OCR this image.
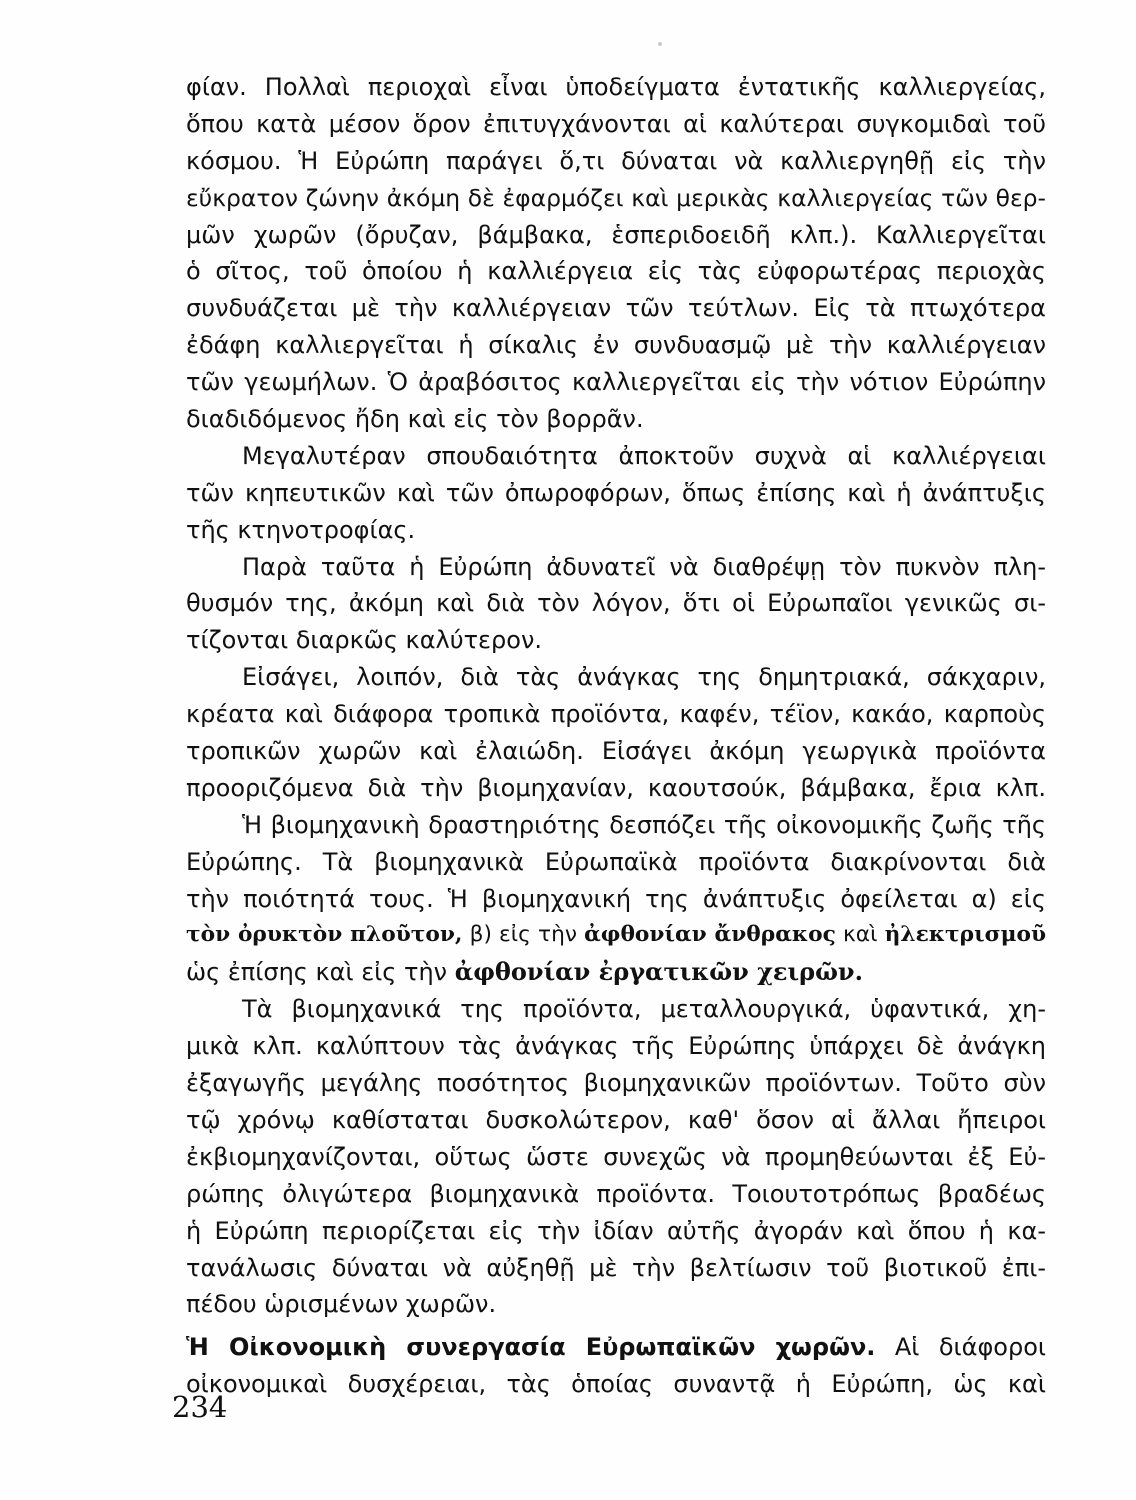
φίαν. Πολλαὶ περιοχαὶ εἶναι ὑποδείγματα ἐντατικῆς καλλιεργείας,
ὅπου κατὰ μέσον ὅρον ἐπιτυγχάνονται αἱ καλύτεραι συγκομιδαὶ τοῦ
κόσμου. Ἡ Εὐρώπη παράγει ὅ,τι δύναται νὰ καλλιεργηθῇ εἰς τὴν
εὔκρατον ζώνην ἀκόμη δὲ ἐφαρμόζει καὶ μερικὰς καλλιεργείας τῶν θερ-
μῶν χωρῶν (ὄρυζαν, βάμβακα, ἑσπεριδοειδῆ κλπ.). Καλλιεργεῖται
ὁ σῖτος, τοῦ ὁποίου ἡ καλλιέργεια εἰς τὰς εὐφορωτέρας περιοχὰς
συνδυάζεται μὲ τὴν καλλιέργειαν τῶν τεύτλων. Εἰς τὰ πτωχότερα
ἐδάφη καλλιεργεῖται ἡ σίκαλις ἐν συνδυασμῷ μὲ τὴν καλλιέργειαν
τῶν γεωμήλων. Ὁ ἀραβόσιτος καλλιεργεῖται εἰς τὴν νότιον Εὐρώπην
διαδιδόμενος ἤδη καὶ εἰς τὸν βορρᾶν.
Μεγαλυτέραν σπουδαιότητα ἀποκτοῦν συχνὰ αἱ καλλιέργειαι
τῶν κηπευτικῶν καὶ τῶν ὀπωροφόρων, ὅπως ἐπίσης καὶ ἡ ἀνάπτυξις
τῆς κτηνοτροφίας.
Παρὰ ταῦτα ἡ Εὐρώπη ἀδυνατεῖ νὰ διαθρέψῃ τὸν πυκνὸν πλη-
θυσμόν της, ἀκόμη καὶ διὰ τὸν λόγον, ὅτι οἱ Εὐρωπαῖοι γενικῶς σι-
τίζονται διαρκῶς καλύτερον.
Εἰσάγει, λοιπόν, διὰ τὰς ἀνάγκας της δημητριακά, σάκχαριν,
κρέατα καὶ διάφορα τροπικὰ προϊόντα, καφέν, τέϊον, κακάο, καρποὺς
τροπικῶν χωρῶν καὶ ἐλαιώδη. Εἰσάγει ἀκόμη γεωργικὰ προϊόντα
προοριζόμενα διὰ τὴν βιομηχανίαν, καουτσούκ, βάμβακα, ἔρια κλπ.
Ἡ βιομηχανικὴ δραστηριότης δεσπόζει τῆς οἰκονομικῆς ζωῆς τῆς
Εὐρώπης. Τὰ βιομηχανικὰ Εὐρωπαϊκὰ προϊόντα διακρίνονται διὰ
τὴν ποιότητά τους. Ἡ βιομηχανική της ἀνάπτυξις ὀφείλεται α) εἰς
τὸν ὀρυκτὸν πλοῦτον, β) εἰς τὴν ἀφθονίαν ἄνθρακος καὶ ἠλεκτρισμοῦ
ὡς ἐπίσης καὶ εἰς τὴν ἀφθονίαν ἐργατικῶν χειρῶν.
Τὰ βιομηχανικά της προϊόντα, μεταλλουργικά, ὑφαντικά, χη-
μικὰ κλπ. καλύπτουν τὰς ἀνάγκας τῆς Εὐρώπης ὑπάρχει δὲ ἀνάγκη
ἐξαγωγῆς μεγάλης ποσότητος βιομηχανικῶν προϊόντων. Τοῦτο σὺν
τῷ χρόνῳ καθίσταται δυσκολώτερον, καθ' ὅσον αἱ ἄλλαι ἤπειροι
ἐκβιομηχανίζονται, οὕτως ὥστε συνεχῶς νὰ προμηθεύωνται ἐξ Εὐ-
ρώπης ὀλιγώτερα βιομηχανικὰ προϊόντα. Τοιουτοτρόπως βραδέως
ἡ Εὐρώπη περιορίζεται εἰς τὴν ἰδίαν αὐτῆς ἀγοράν καὶ ὅπου ἡ κα-
τανάλωσις δύναται νὰ αὐξηθῇ μὲ τὴν βελτίωσιν τοῦ βιοτικοῦ ἐπι-
πέδου ὡρισμένων χωρῶν.
Ἡ Οἰκονομικὴ συνεργασία Εὐρωπαϊκῶν χωρῶν. Αἱ διάφοροι
οἰκονομικαὶ δυσχέρειαι, τὰς ὁποίας συναντᾷ ἡ Εὐρώπη, ὡς καὶ
234
